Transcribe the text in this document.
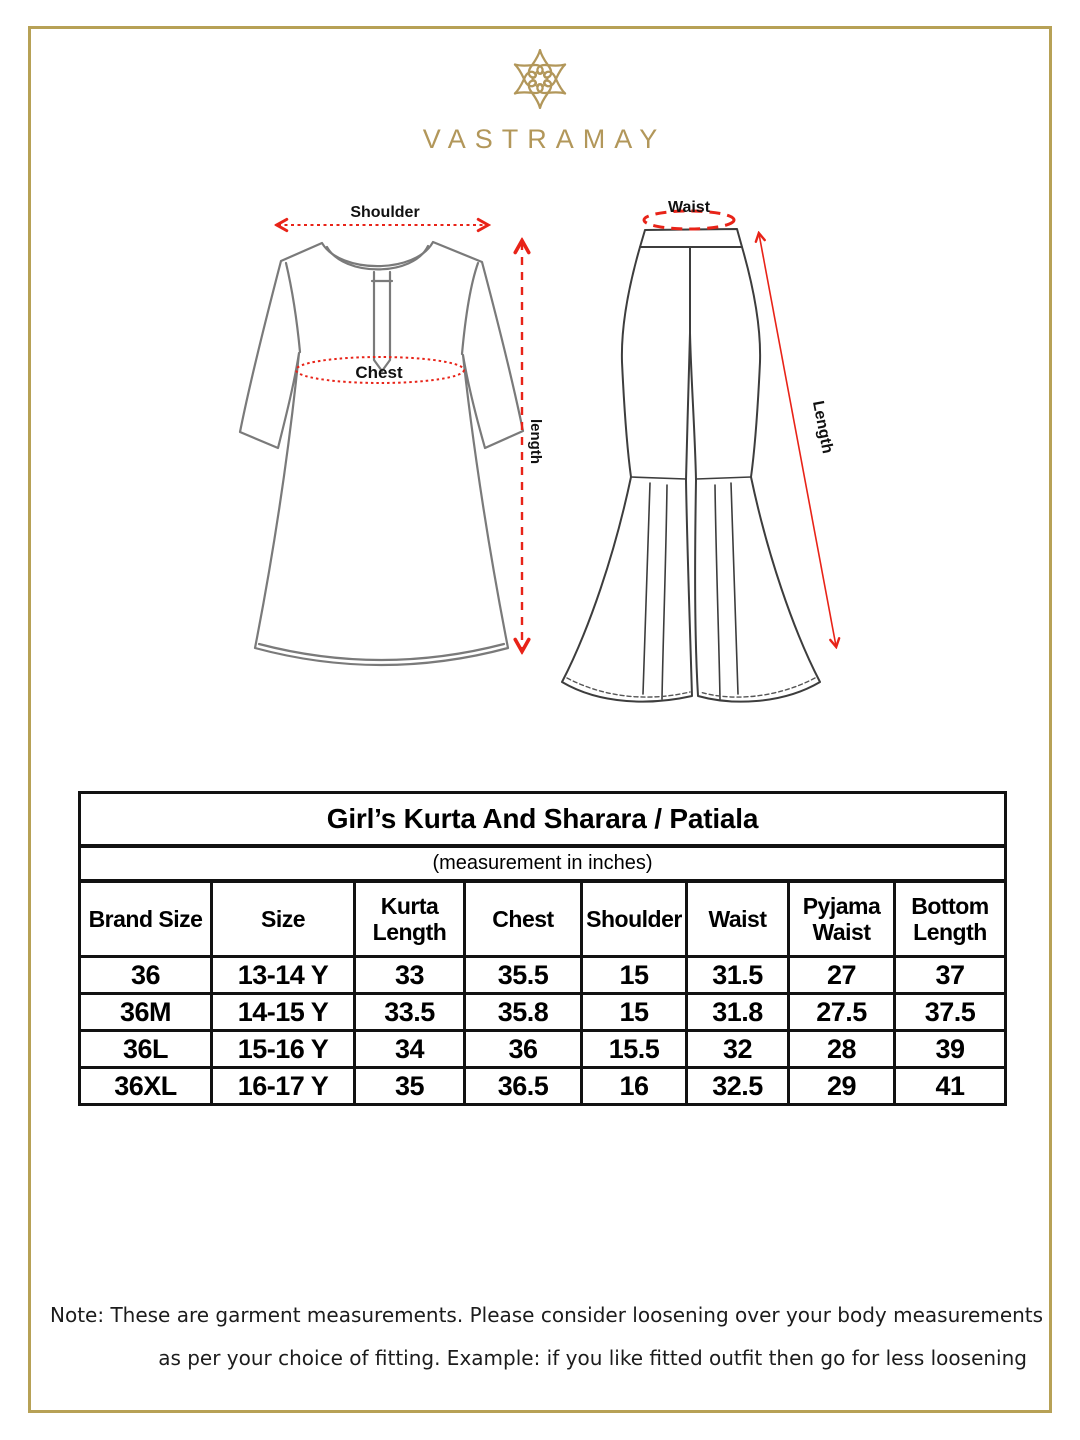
VASTRAMAY
Shoulder
Chest
length
Waist
Length
Girl’s Kurta And Sharara / Patiala							
(measurement in inches)							
Brand Size	Size	Kurta Length	Chest	Shoulder	Waist	Pyjama Waist	Bottom Length
36	13-14 Y	33	35.5	15	31.5	27	37
36M	14-15 Y	33.5	35.8	15	31.8	27.5	37.5
36L	15-16 Y	34	36	15.5	32	28	39
36XL	16-17 Y	35	36.5	16	32.5	29	41
Note: These are garment measurements. Please consider loosening over your body measurements
as per your choice of fitting. Example: if you like fitted outfit then go for less loosening
